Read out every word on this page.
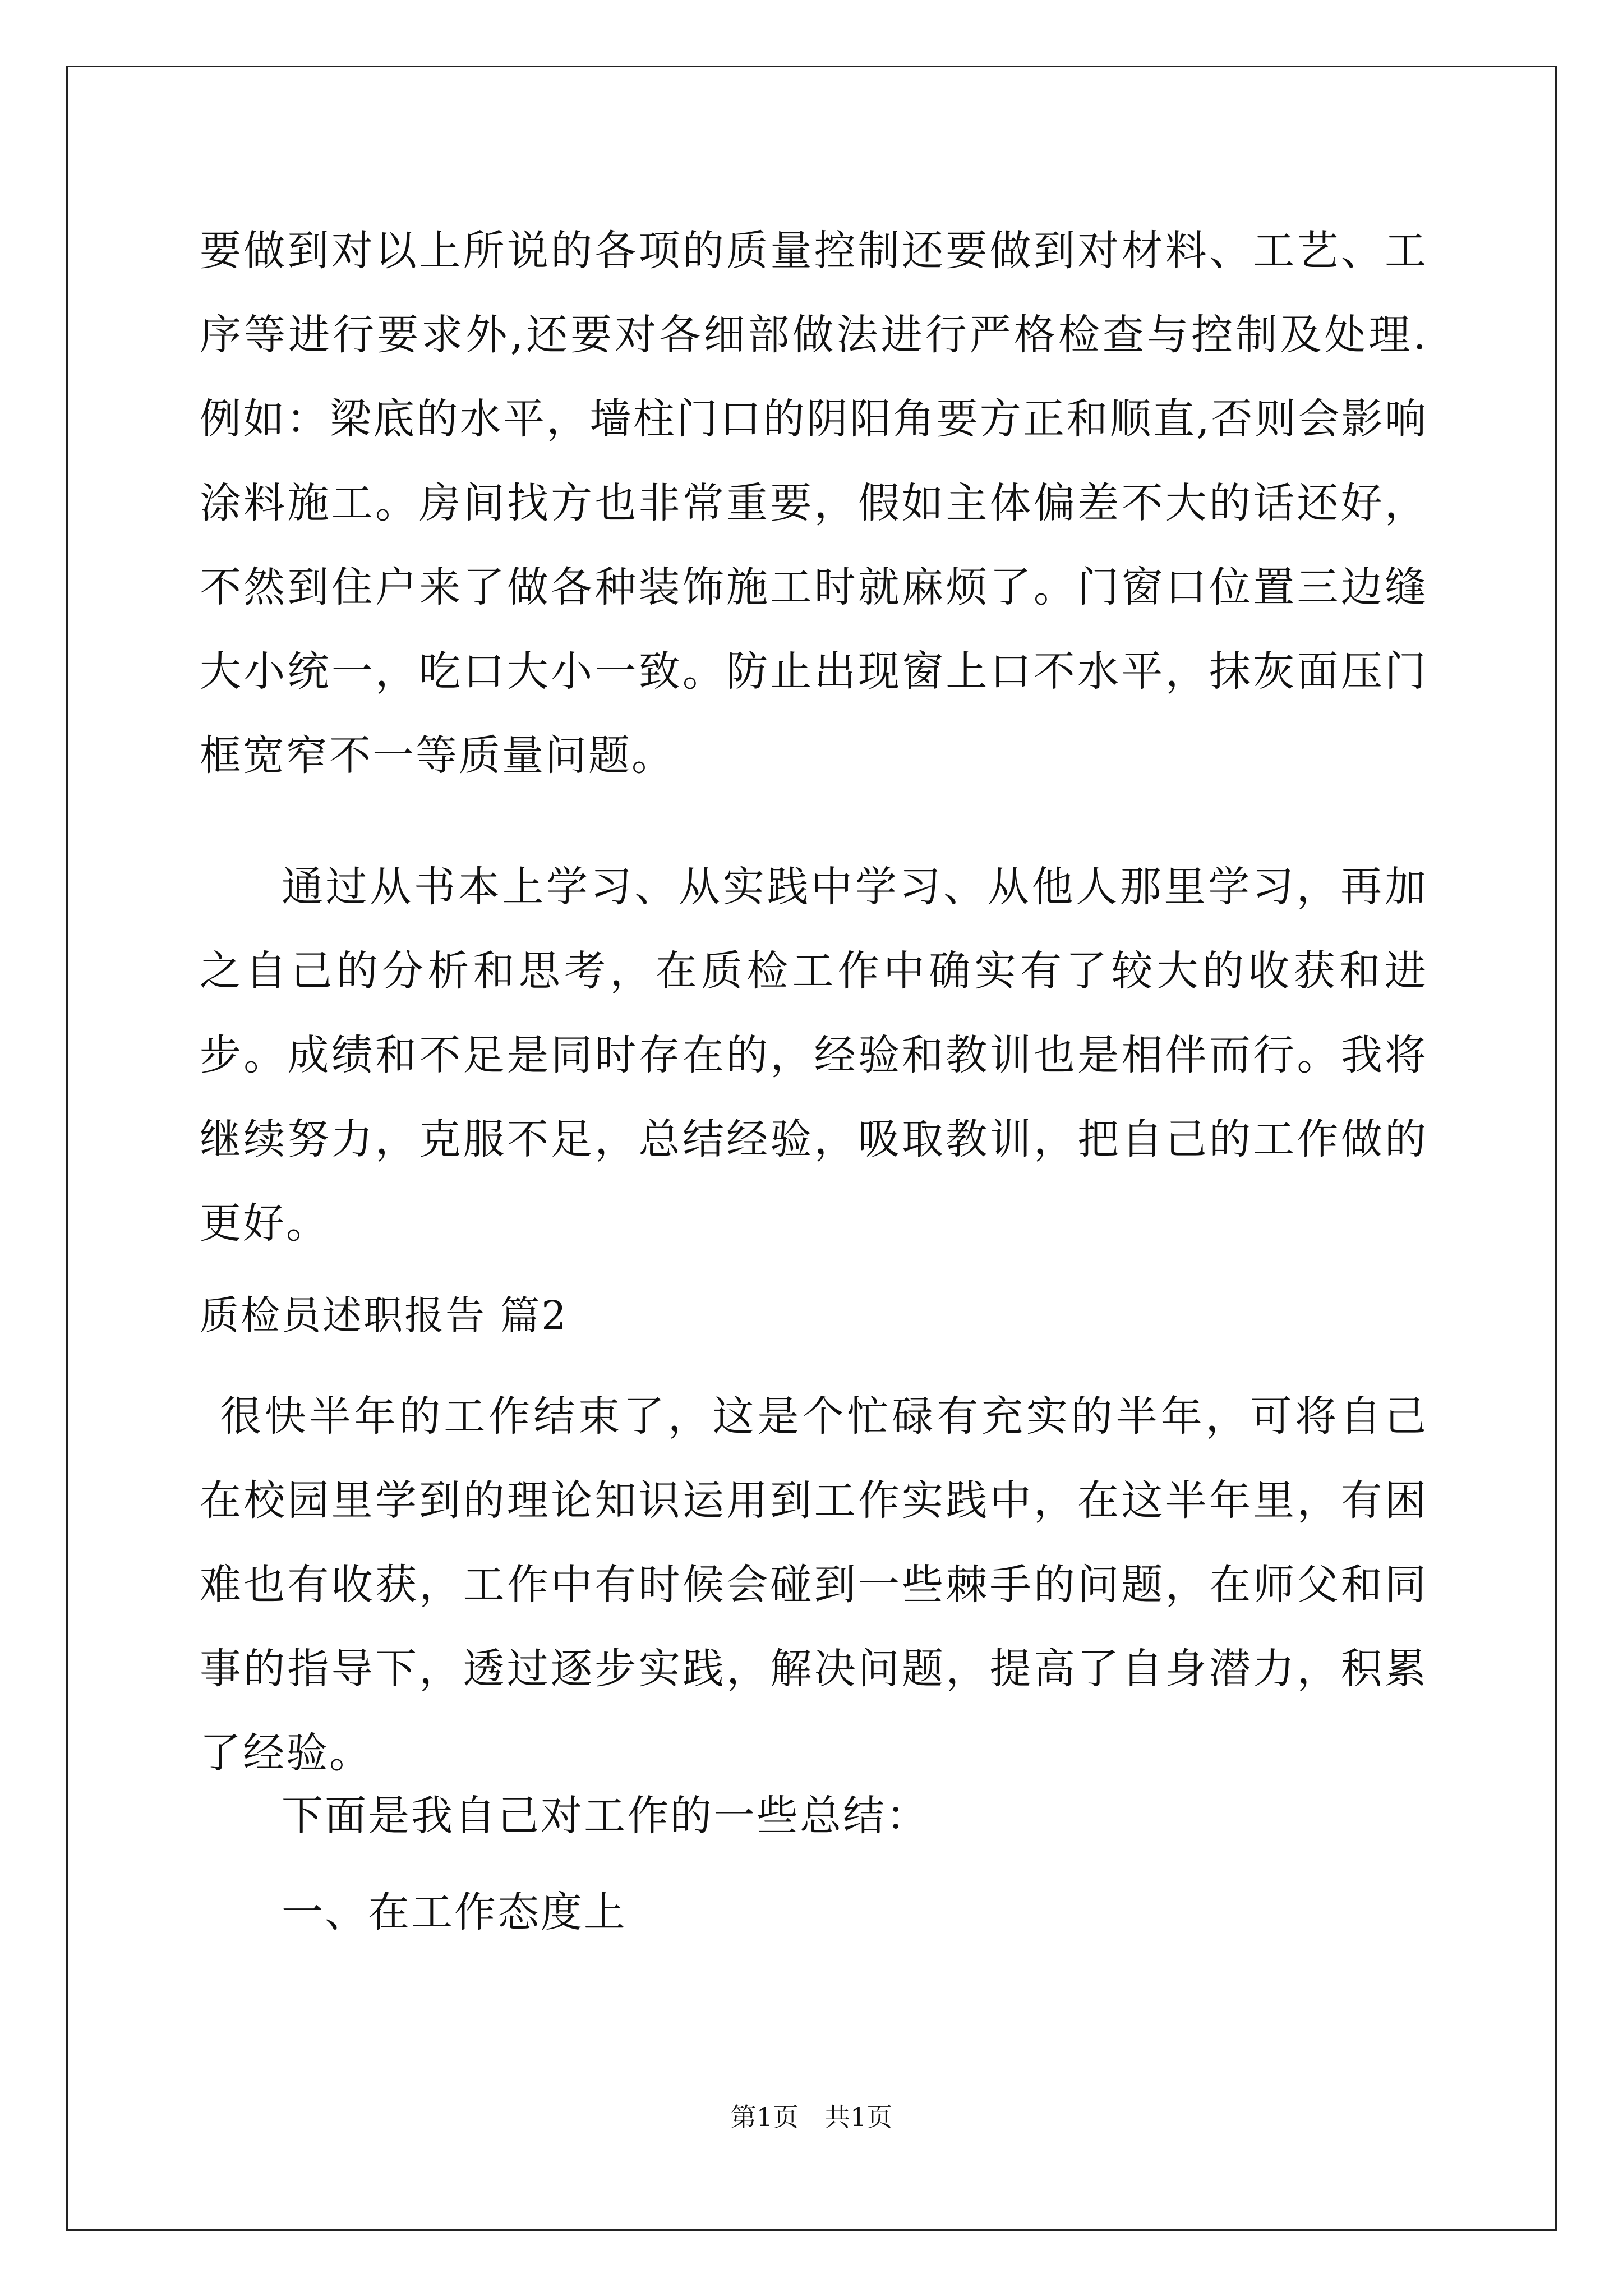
要做到对以上所说的各项的质量控制还要做到对材料、工艺、工序等进行要求外,还要对各细部做法进行严格检查与控制及处理.例如：梁底的水平，墙柱门口的阴阳角要方正和顺直,否则会影响涂料施工。房间找方也非常重要，假如主体偏差不大的话还好，不然到住户来了做各种装饰施工时就麻烦了。门窗口位置三边缝大小统一，吃口大小一致。防止出现窗上口不水平，抹灰面压门框宽窄不一等质量问题。

通过从书本上学习、从实践中学习、从他人那里学习，再加之自己的分析和思考，在质检工作中确实有了较大的收获和进步。成绩和不足是同时存在的，经验和教训也是相伴而行。我将继续努力，克服不足，总结经验，吸取教训，把自己的工作做的更好。

质检员述职报告 篇2

很快半年的工作结束了，这是个忙碌有充实的半年，可将自己在校园里学到的理论知识运用到工作实践中，在这半年里，有困难也有收获，工作中有时候会碰到一些棘手的问题，在师父和同事的指导下，透过逐步实践，解决问题，提高了自身潜力，积累了经验。

下面是我自己对工作的一些总结：

一、在工作态度上

第1页　共1页
